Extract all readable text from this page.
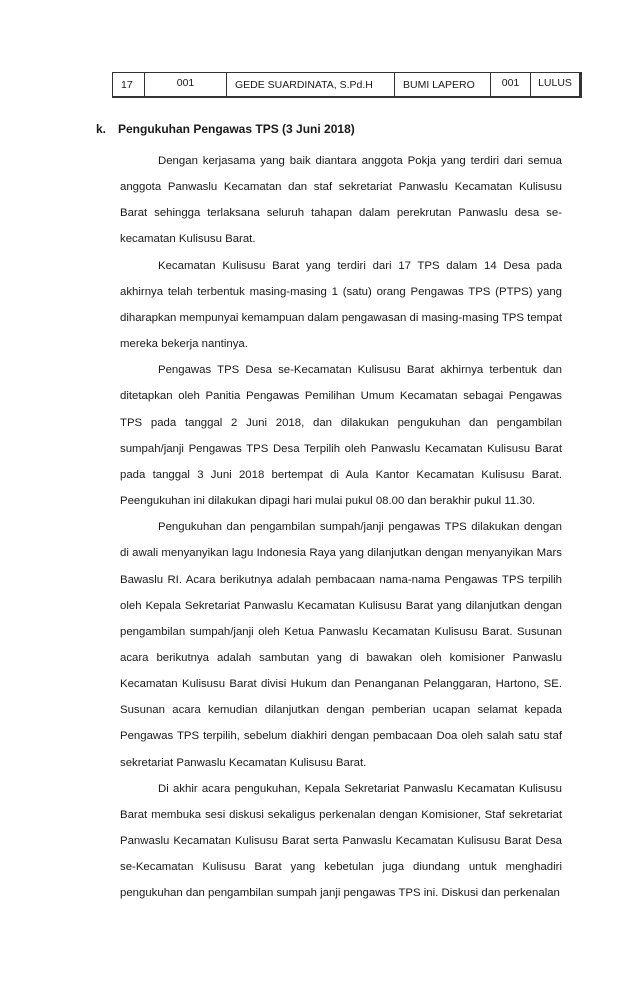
17	001	GEDE SUARDINATA, S.Pd.H	BUMI LAPERO	001	LULUS
k. Pengukuhan Pengawas TPS (3 Juni 2018)

Dengan kerjasama yang baik diantara anggota Pokja yang terdiri dari semua anggota Panwaslu Kecamatan dan staf sekretariat Panwaslu Kecamatan Kulisusu Barat sehingga terlaksana seluruh tahapan dalam perekrutan Panwaslu desa se-kecamatan Kulisusu Barat.

Kecamatan Kulisusu Barat yang terdiri dari 17 TPS dalam 14 Desa pada akhirnya telah terbentuk masing-masing 1 (satu) orang Pengawas TPS (PTPS) yang diharapkan mempunyai kemampuan dalam pengawasan di masing-masing TPS tempat mereka bekerja nantinya.

Pengawas TPS Desa se-Kecamatan Kulisusu Barat akhirnya terbentuk dan ditetapkan oleh Panitia Pengawas Pemilihan Umum Kecamatan sebagai Pengawas TPS pada tanggal 2 Juni 2018, dan dilakukan pengukuhan dan pengambilan sumpah/janji Pengawas TPS Desa Terpilih oleh Panwaslu Kecamatan Kulisusu Barat pada tanggal 3 Juni 2018 bertempat di Aula Kantor Kecamatan Kulisusu Barat. Peengukuhan ini dilakukan dipagi hari mulai pukul 08.00 dan berakhir pukul 11.30.

Pengukuhan dan pengambilan sumpah/janji pengawas TPS dilakukan dengan di awali menyanyikan lagu Indonesia Raya yang dilanjutkan dengan menyanyikan Mars Bawaslu RI. Acara berikutnya adalah pembacaan nama-nama Pengawas TPS terpilih oleh Kepala Sekretariat Panwaslu Kecamatan Kulisusu Barat yang dilanjutkan dengan pengambilan sumpah/janji oleh Ketua Panwaslu Kecamatan Kulisusu Barat. Susunan acara berikutnya adalah sambutan yang di bawakan oleh komisioner Panwaslu Kecamatan Kulisusu Barat divisi Hukum dan Penanganan Pelanggaran, Hartono, SE. Susunan acara kemudian dilanjutkan dengan pemberian ucapan selamat kepada Pengawas TPS terpilih, sebelum diakhiri dengan pembacaan Doa oleh salah satu staf sekretariat Panwaslu Kecamatan Kulisusu Barat.

Di akhir acara pengukuhan, Kepala Sekretariat Panwaslu Kecamatan Kulisusu Barat membuka sesi diskusi sekaligus perkenalan dengan Komisioner, Staf sekretariat Panwaslu Kecamatan Kulisusu Barat serta Panwaslu Kecamatan Kulisusu Barat Desa se-Kecamatan Kulisusu Barat yang kebetulan juga diundang untuk menghadiri pengukuhan dan pengambilan sumpah janji pengawas TPS ini. Diskusi dan perkenalan
